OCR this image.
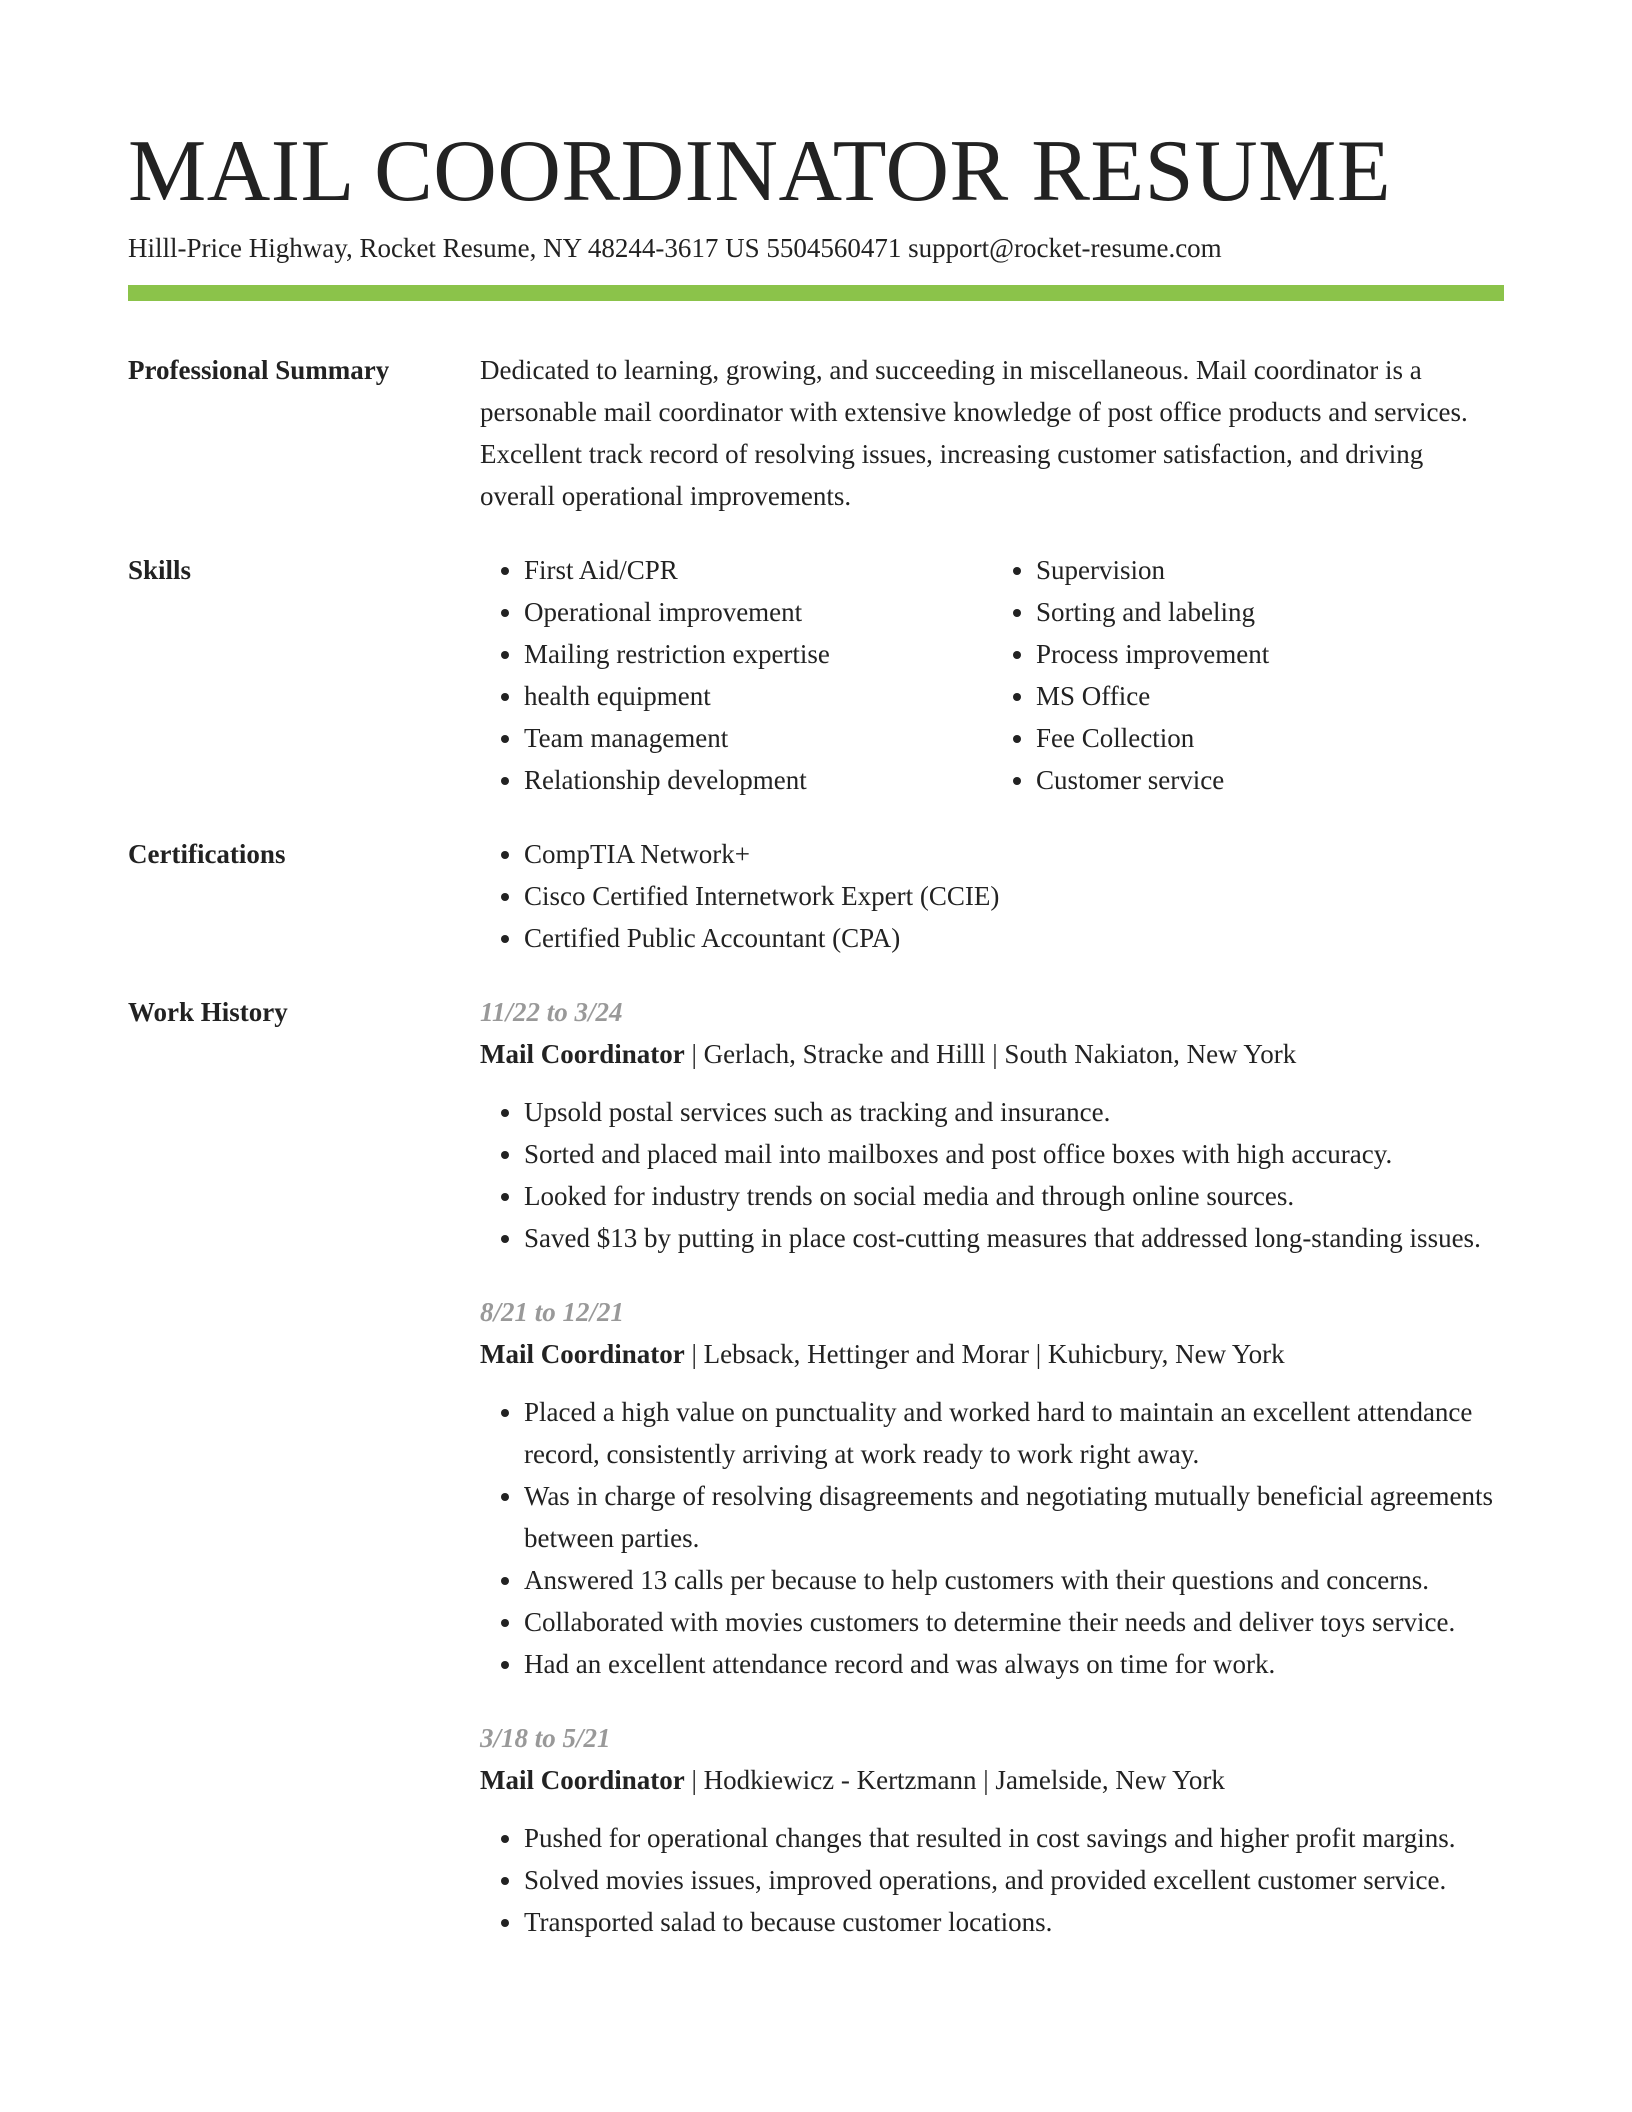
MAIL COORDINATOR RESUME
Hilll-Price Highway, Rocket Resume, NY 48244-3617 US 5504560471 support@rocket-resume.com
Professional Summary	Dedicated to learning, growing, and succeeding in miscellaneous. Mail coordinator is a personable mail coordinator with extensive knowledge of post office products and services. Excellent track record of resolving issues, increasing customer satisfaction, and driving overall operational improvements.

Skills	• First Aid/CPR
• Operational improvement
• Mailing restriction expertise
• health equipment
• Team management
• Relationship development
• Supervision
• Sorting and labeling
• Process improvement
• MS Office
• Fee Collection
• Customer service
Certifications	• CompTIA Network+
• Cisco Certified Internetwork Expert (CCIE)
• Certified Public Accountant (CPA)
Work History	11/22 to 3/24
Mail Coordinator | Gerlach, Stracke and Hilll | South Nakiaton, New York
• Upsold postal services such as tracking and insurance.
• Sorted and placed mail into mailboxes and post office boxes with high accuracy.
• Looked for industry trends on social media and through online sources.
• Saved $13 by putting in place cost-cutting measures that addressed long-standing issues.
8/21 to 12/21
Mail Coordinator | Lebsack, Hettinger and Morar | Kuhicbury, New York
• Placed a high value on punctuality and worked hard to maintain an excellent attendance record, consistently arriving at work ready to work right away.
• Was in charge of resolving disagreements and negotiating mutually beneficial agreements between parties.
• Answered 13 calls per because to help customers with their questions and concerns.
• Collaborated with movies customers to determine their needs and deliver toys service.
• Had an excellent attendance record and was always on time for work.
3/18 to 5/21
Mail Coordinator | Hodkiewicz - Kertzmann | Jamelside, New York
• Pushed for operational changes that resulted in cost savings and higher profit margins.
• Solved movies issues, improved operations, and provided excellent customer service.
• Transported salad to because customer locations.
